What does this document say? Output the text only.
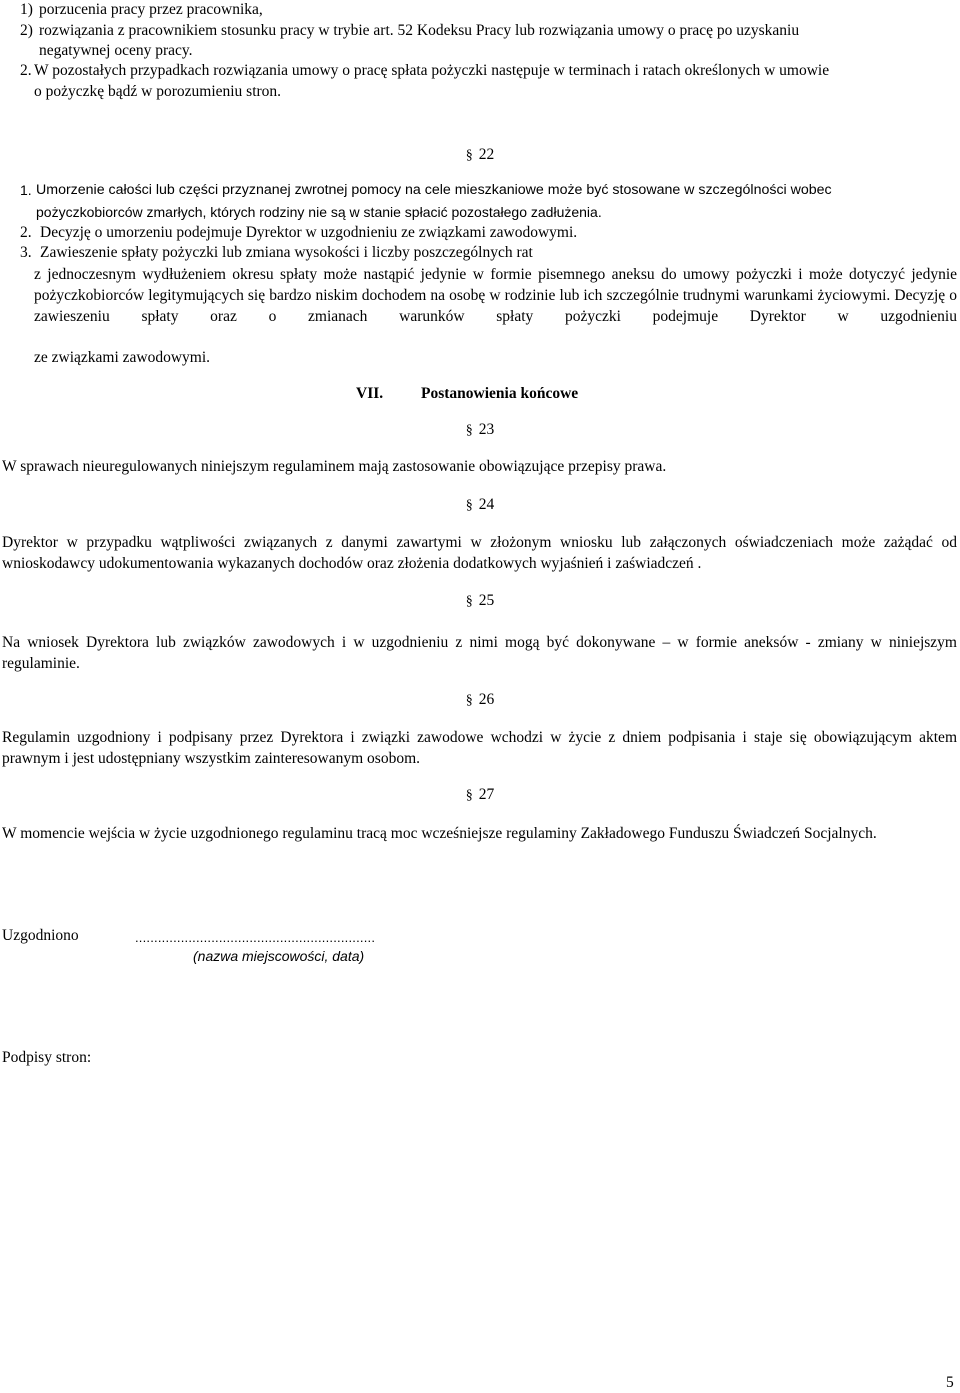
1) porzucenia pracy przez pracownika,
2) rozwiązania z pracownikiem stosunku pracy w trybie art. 52 Kodeksu Pracy lub rozwiązania umowy o pracę po uzyskaniu
negatywnej oceny pracy.
2. W pozostałych przypadkach rozwiązania umowy o pracę spłata pożyczki następuje w terminach i ratach określonych w umowie
o pożyczkę bądź w porozumieniu stron.
§ 22
1. Umorzenie całości lub części przyznanej zwrotnej pomocy na cele mieszkaniowe może być stosowane w szczególności wobec
pożyczkobiorców zmarłych, których rodziny nie są w stanie spłacić pozostałego zadłużenia.
2. Decyzję o umorzeniu podejmuje Dyrektor w uzgodnieniu ze związkami zawodowymi.
3. Zawieszenie spłaty pożyczki lub zmiana wysokości i liczby poszczególnych rat
z jednoczesnym wydłużeniem okresu spłaty może nastąpić jedynie w formie pisemnego aneksu do umowy pożyczki i może dotyczyć jedynie pożyczkobiorców legitymujących się bardzo niskim dochodem na osobę w rodzinie lub ich szczególnie trudnymi warunkami życiowymi. Decyzję o zawieszeniu spłaty oraz o zmianach warunków spłaty pożyczki podejmuje Dyrektor w uzgodnieniu
ze związkami zawodowymi.
VII. Postanowienia końcowe
§ 23
W sprawach nieuregulowanych niniejszym regulaminem mają zastosowanie obowiązujące przepisy prawa.
§ 24
Dyrektor w przypadku wątpliwości związanych z danymi zawartymi w złożonym wniosku lub załączonych oświadczeniach może zażądać od wnioskodawcy udokumentowania wykazanych dochodów oraz złożenia dodatkowych wyjaśnień i zaświadczeń .
§ 25
Na wniosek Dyrektora lub związków zawodowych i w uzgodnieniu z nimi mogą być dokonywane – w formie aneksów - zmiany w niniejszym regulaminie.
§ 26
Regulamin uzgodniony i podpisany przez Dyrektora i związki zawodowe wchodzi w życie z dniem podpisania i staje się obowiązującym aktem prawnym i jest udostępniany wszystkim zainteresowanym osobom.
§ 27
W momencie wejścia w życie uzgodnionego regulaminu tracą moc wcześniejsze regulaminy Zakładowego Funduszu Świadczeń Socjalnych.
Uzgodniono	...............................................................
(nazwa miejscowości, data)
Podpisy stron:
5
